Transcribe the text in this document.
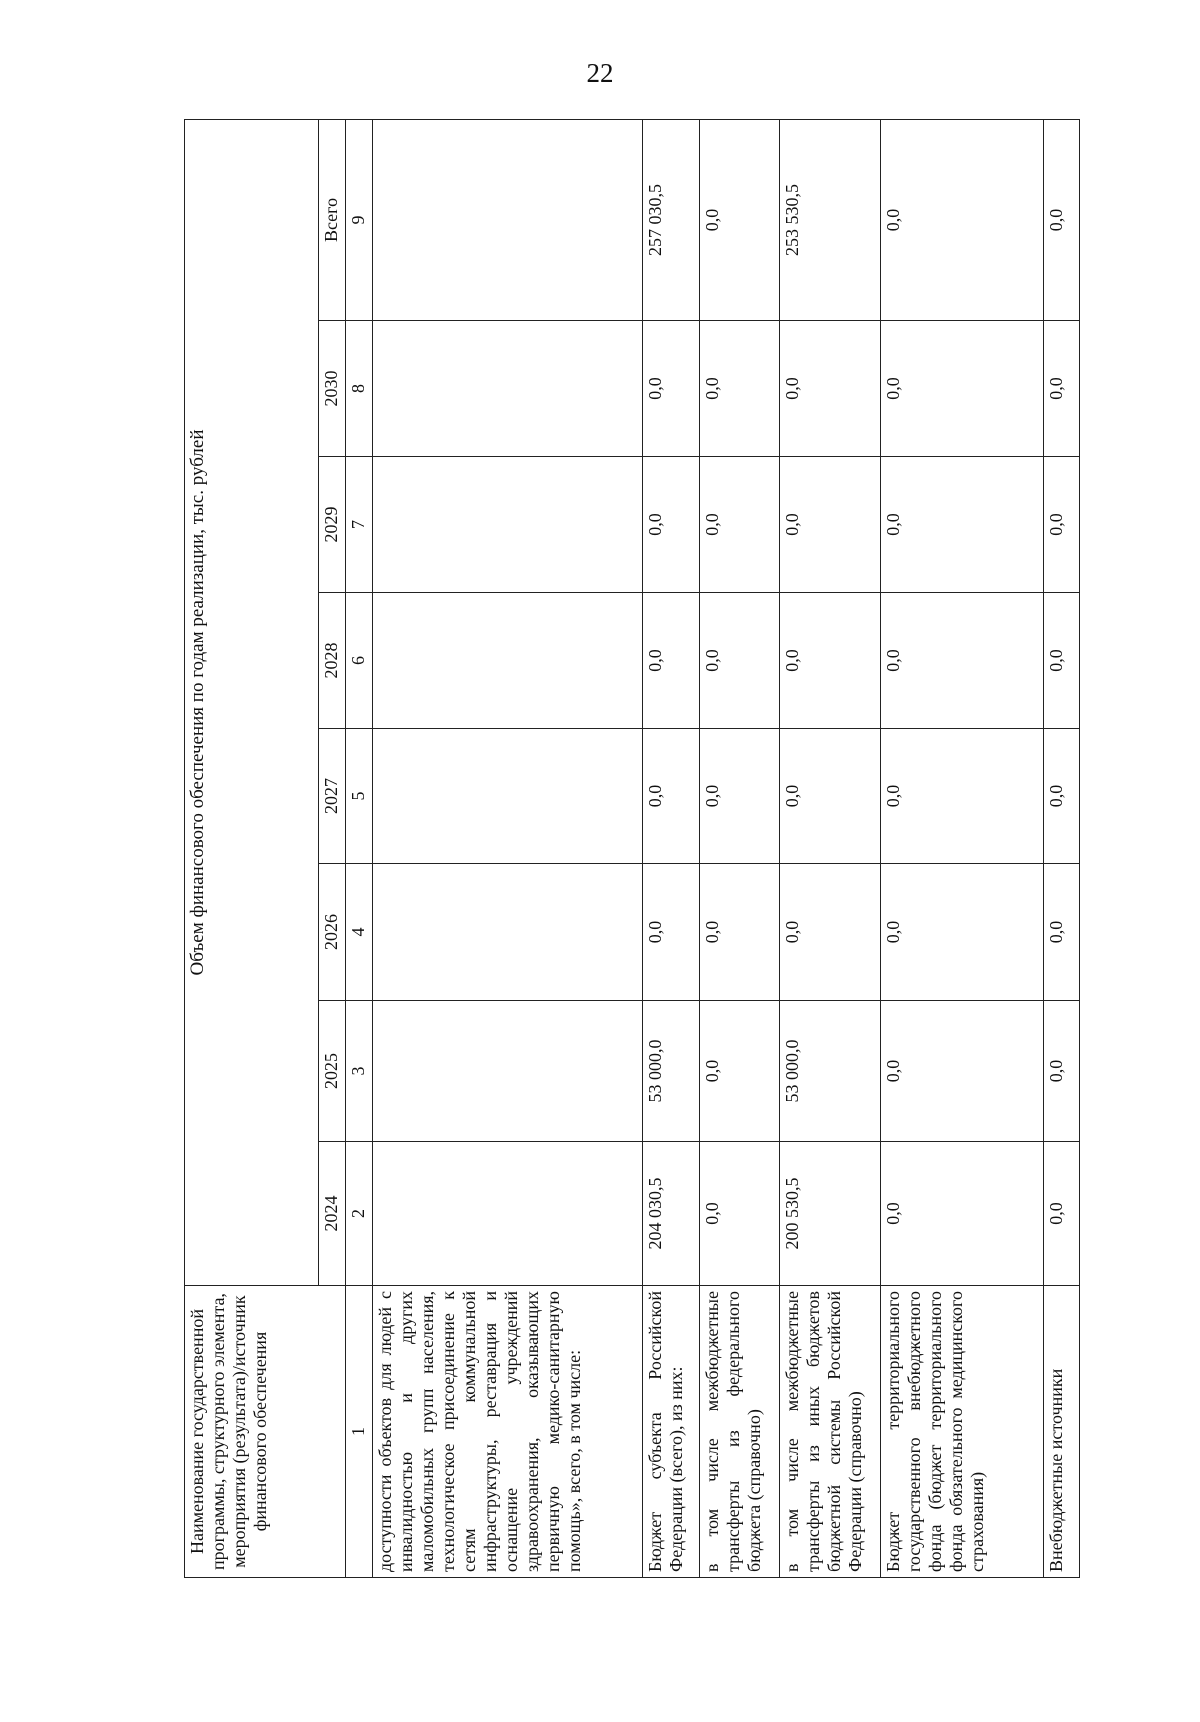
22
Наименование государственной программы, структурного элемента, мероприятия (результата)/источник финансового обеспечения	Объем финансового обеспечения по годам реализации, тыс. рублей							
	2024	2025	2026	2027	2028	2029	2030	Всего
1	2	3	4	5	6	7	8	9
доступности объектов для людей с инвалидностью и других маломобильных групп населения, технологическое присоединение к сетям коммунальной инфраструктуры, реставрация и оснащение учреждений здравоохранения, оказывающих первичную медико-санитарную помощь», всего, в том числе:								
Бюджет субъекта Российской Федерации (всего), из них:	204 030,5	53 000,0	0,0	0,0	0,0	0,0	0,0	257 030,5
в том числе межбюджетные трансферты из федерального бюджета (справочно)	0,0	0,0	0,0	0,0	0,0	0,0	0,0	0,0
в том числе межбюджетные трансферты из иных бюджетов бюджетной системы Российской Федерации (справочно)	200 530,5	53 000,0	0,0	0,0	0,0	0,0	0,0	253 530,5
Бюджет территориального государственного внебюджетного фонда (бюджет территориального фонда обязательного медицинского страхования)	0,0	0,0	0,0	0,0	0,0	0,0	0,0	0,0
Внебюджетные источники	0,0	0,0	0,0	0,0	0,0	0,0	0,0	0,0
